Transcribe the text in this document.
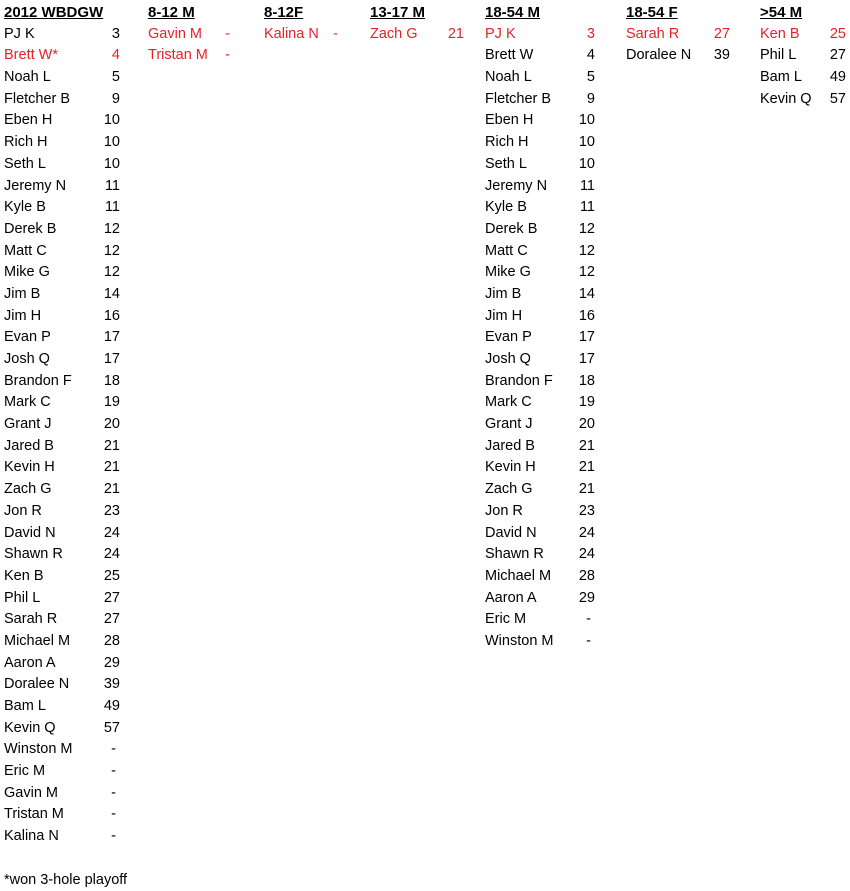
2012 WBDGW
PJ K	3
Brett W*	4
Noah L	5
Fletcher B	9
Eben H	10
Rich H	10
Seth L	10
Jeremy N	11
Kyle B	11
Derek B	12
Matt C	12
Mike G	12
Jim B	14
Jim H	16
Evan P	17
Josh Q	17
Brandon F 18
Mark C	19
Grant J	20
Jared B	21
Kevin H	21
Zach G	21
Jon R	23
David N	24
Shawn R	24
Ken B	25
Phil L	27
Sarah R	27
Michael M 28
Aaron A	29
Doralee N 39
Bam L	49
Kevin Q	57
Winston M	-
Eric M	-
Gavin M	-
Tristan M	-
Kalina N	-
8-12 M
Gavin M -
Tristan M -
8-12F
Kalina N -
13-17 M
Zach G 21
18-54 M
PJ K	3
Brett W	4
Noah L	5
Fletcher B 9
Eben H	10
Rich H	10
Seth L	10
Jeremy N 11
Kyle B	11
Derek B	12
Matt C	12
Mike G	12
Jim B	14
Jim H	16
Evan P	17
Josh Q	17
Brandon F 18
Mark C	19
Grant J	20
Jared B	21
Kevin H	21
Zach G	21
Jon R	23
David N	24
Shawn R 24
Michael M 28
Aaron A	29
Eric M	-
Winston M -
18-54 F
Sarah R 27
Doralee N 39
>54 M
Ken B 25
Phil L 27
Bam L 49
Kevin Q 57
*won 3-hole playoff
